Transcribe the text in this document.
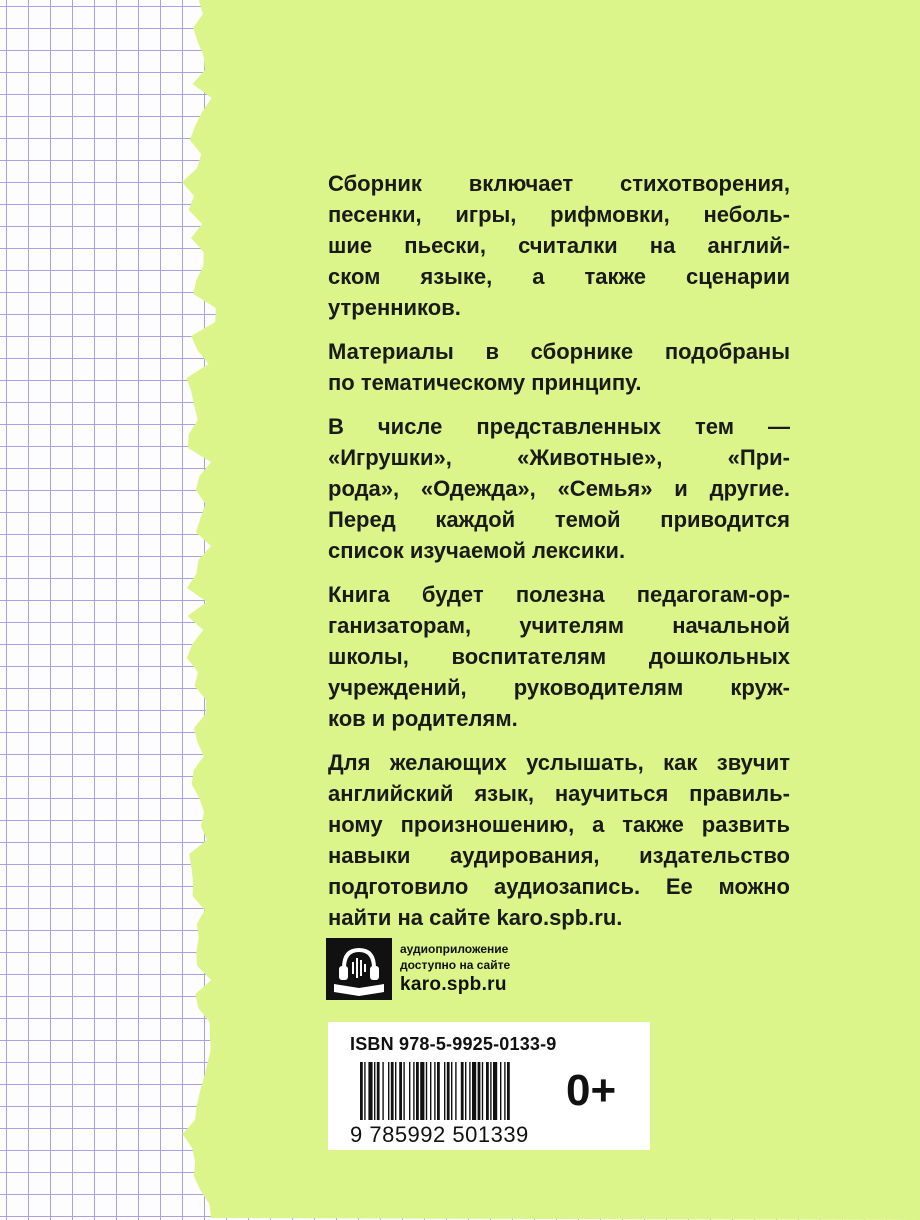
Сборник включает стихотворения,
песенки, игры, рифмовки, неболь-
шие пьески, считалки на англий-
ском языке, а также сценарии
утренников.

Материалы в сборнике подобраны
по тематическому принципу.

В числе представленных тем —
«Игрушки», «Животные», «При-
рода», «Одежда», «Семья» и другие.
Перед каждой темой приводится
список изучаемой лексики.

Книга будет полезна педагогам-ор-
ганизаторам, учителям начальной
школы, воспитателям дошкольных
учреждений, руководителям круж-
ков и родителям.

Для желающих услышать, как звучит
английский язык, научиться правиль-
ному произношению, а также развить
навыки аудирования, издательство
подготовило аудиозапись. Ее можно
найти на сайте karo.spb.ru.

аудиоприложение
доступно на сайте
karo.spb.ru
ISBN 978-5-9925-0133-9
9 785992 501339
0+
